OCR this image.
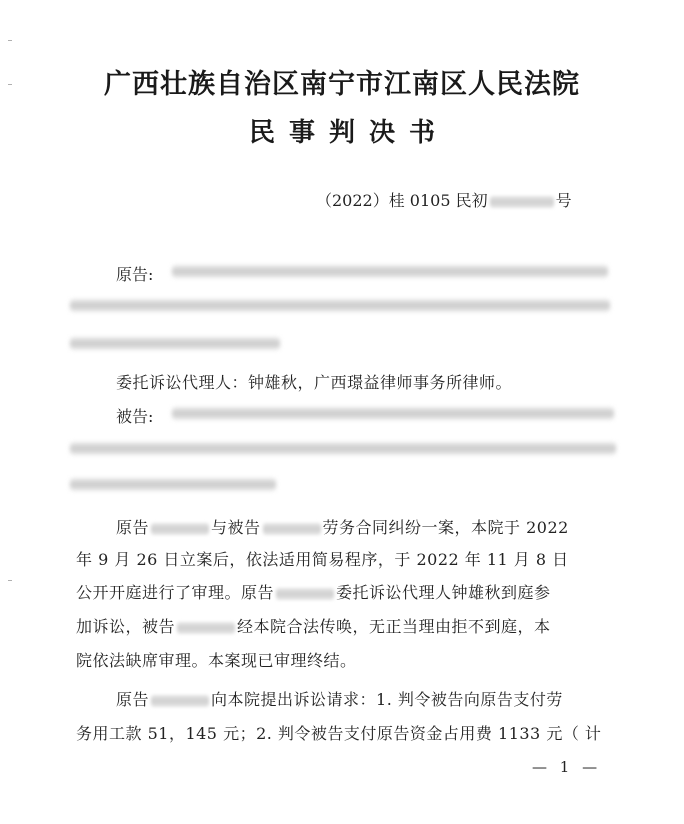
广西壮族自治区南宁市江南区人民法院
民事判决书
（2022）桂 0105 民初	号
原告:
委托诉讼代理人：钟雄秋，广西璟益律师事务所律师。
被告:
原告	与被告	劳务合同纠纷一案，本院于 2022
年 9 月 26 日立案后，依法适用简易程序，于 2022 年 11 月 8 日
公开开庭进行了审理。原告	委托诉讼代理人钟雄秋到庭参
加诉讼，被告	经本院合法传唤，无正当理由拒不到庭，本
院依法缺席审理。本案现已审理终结。
原告	向本院提出诉讼请求：1. 判令被告向原告支付劳
务用工款 51，145 元；2. 判令被告支付原告资金占用费 1133 元（ 计
— 1 —
